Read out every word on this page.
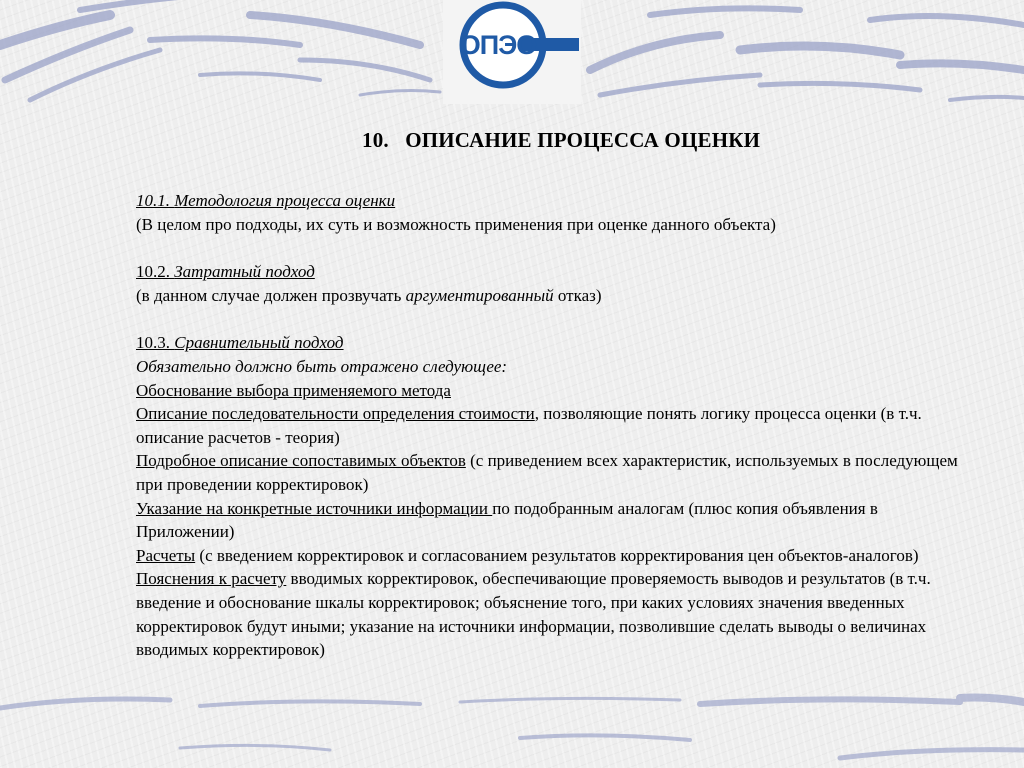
ОПЭО
10.   ОПИСАНИЕ ПРОЦЕССА ОЦЕНКИ

10.1. Методология процесса оценки

(В целом про подходы, их суть и возможность применения при оценке данного объекта)

10.2. Затратный подход

(в данном случае должен прозвучать аргументированный отказ)

10.3. Сравнительный подход

Обязательно должно быть отражено следующее:

Обоснование выбора применяемого метода

Описание последовательности определения стоимости, позволяющие понять логику процесса оценки (в т.ч. описание расчетов - теория)

Подробное описание сопоставимых объектов (с приведением всех характеристик, используемых в последующем при проведении корректировок)

Указание на конкретные источники информации по подобранным аналогам (плюс копия объявления в Приложении)

Расчеты (с введением корректировок и согласованием результатов корректирования цен объектов-аналогов)

Пояснения к расчету вводимых корректировок, обеспечивающие проверяемость выводов и результатов (в т.ч. введение и обоснование шкалы корректировок; объяснение того, при каких условиях значения введенных корректировок будут иными; указание на источники информации, позволившие сделать выводы о величинах вводимых корректировок)
